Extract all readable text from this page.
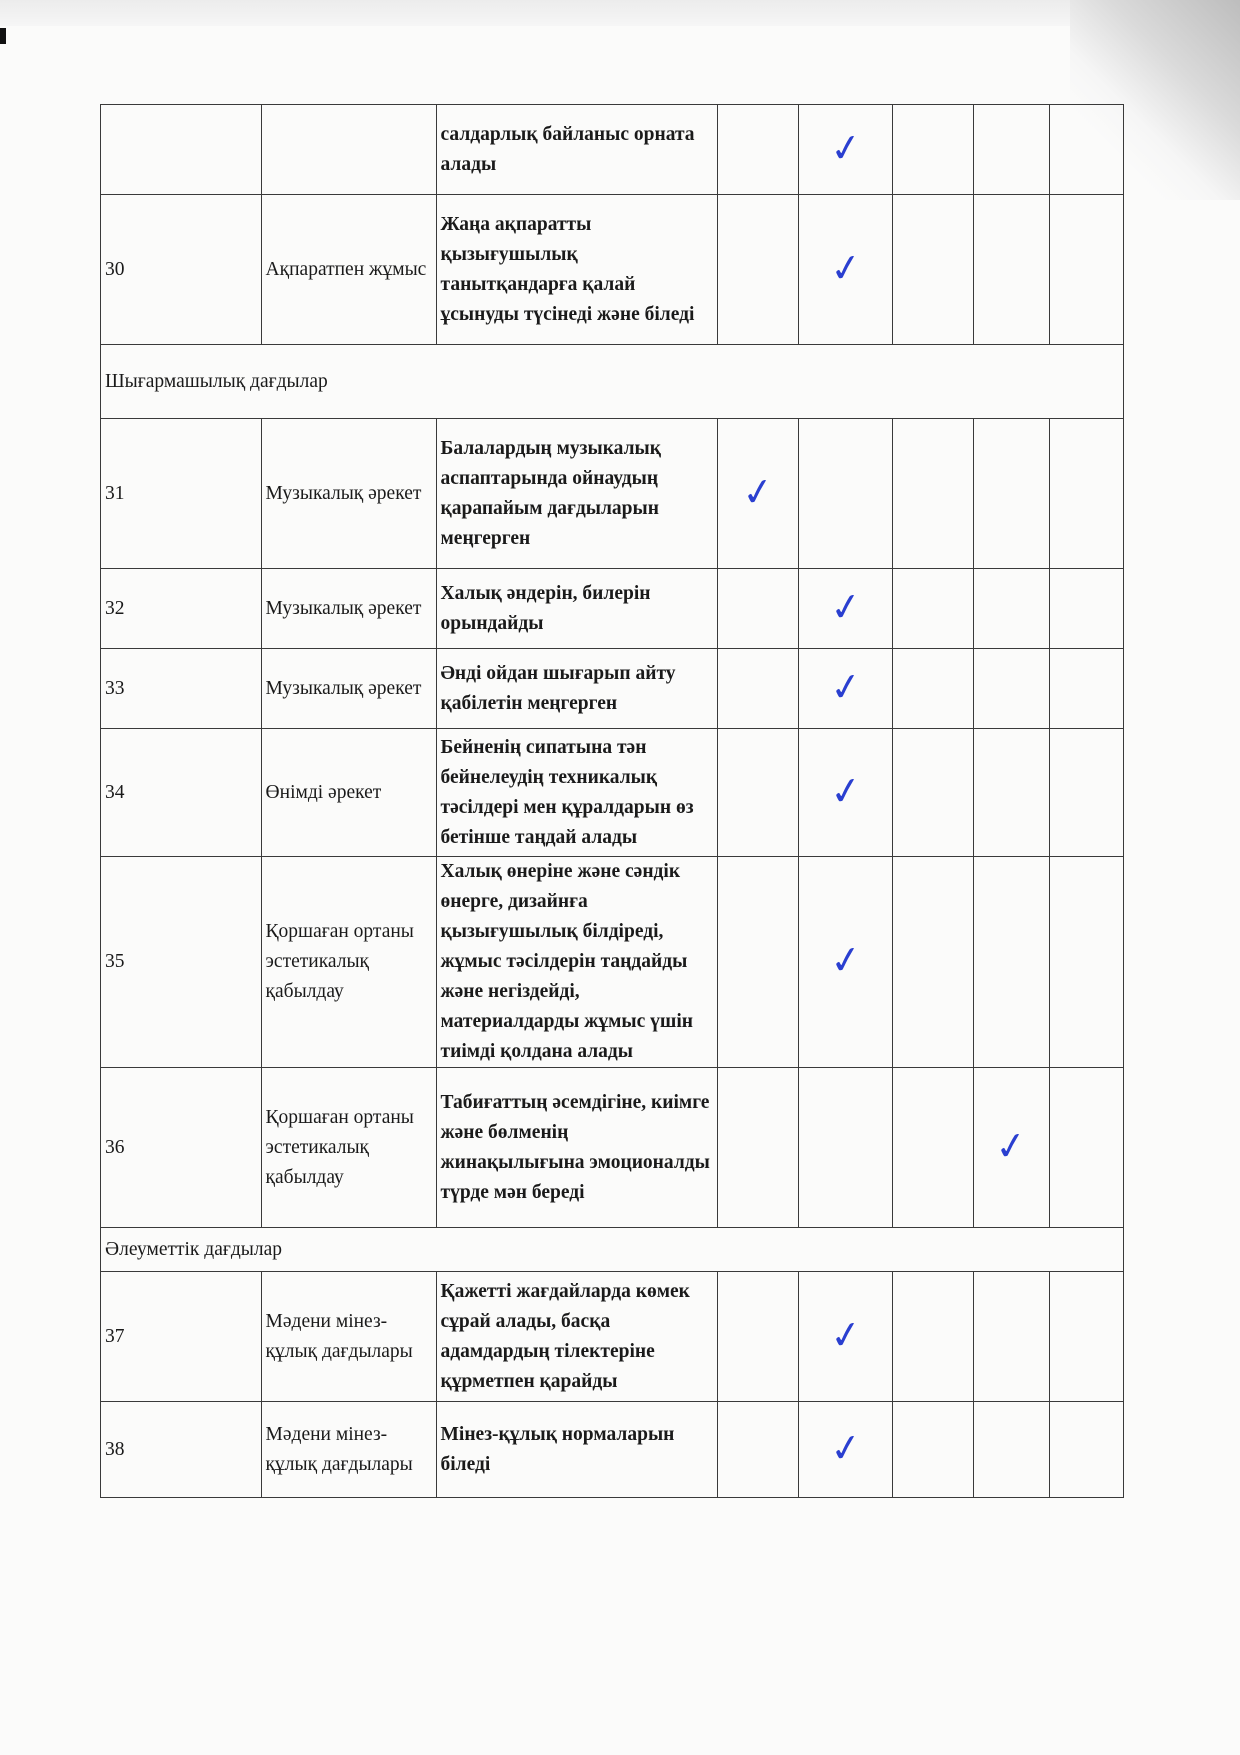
		салдарлық байланыс орната
алады		✓			
30	Ақпаратпен жұмыс	Жаңа ақпаратты қызығушылық танытқандарға қалай ұсынуды түсінеді және біледі		✓			
Шығармашылық дағдылар							
31	Музыкалық әрекет	Балалардың музыкалық аспаптарында ойнаудың қарапайым дағдыларын меңгерген	✓				
32	Музыкалық әрекет	Халық әндерін, билерін орындайды		✓			
33	Музыкалық әрекет	Әнді ойдан шығарып айту қабілетін меңгерген		✓			
34	Өнімді әрекет	Бейненің сипатына тән бейнелеудің техникалық тәсілдері мен құралдарын өз бетінше таңдай алады		✓			
35	Қоршаған ортаны эстетикалық қабылдау	Халық өнеріне және сәндік өнерге, дизайнға қызығушылық білдіреді, жұмыс тәсілдерін таңдайды және негіздейді, материалдарды жұмыс үшін тиімді қолдана алады		✓			
36	Қоршаған ортаны эстетикалық қабылдау	Табиғаттың әсемдігіне, киімге және бөлменің жинақылығына эмоционалды түрде мән береді				✓	
Әлеуметтік дағдылар							
37	Мәдени мінез-құлық дағдылары	Қажетті жағдайларда көмек сұрай алады, басқа адамдардың тілектеріне құрметпен қарайды		✓			
38	Мәдени мінез-құлық дағдылары	Мінез-құлық нормаларын біледі		✓			
